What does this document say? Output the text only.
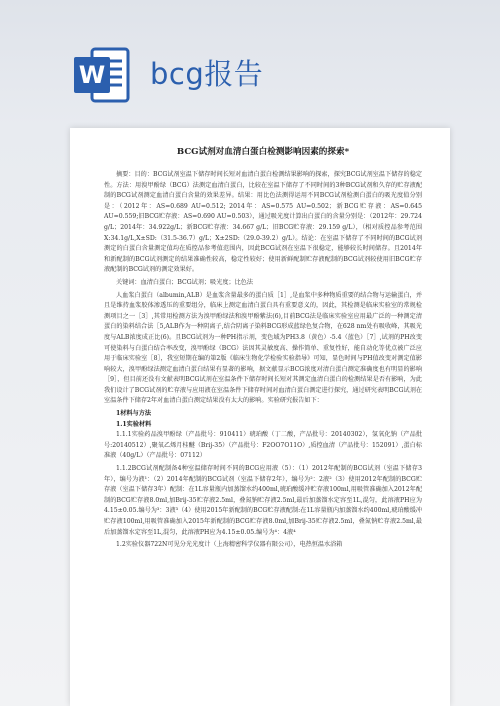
W bcg报告
BCG试剂对血清白蛋白检测影响因素的探索*

摘要：目的：BCG试剂室温下储存时间长短对血清白蛋白检测结果影响的探索，探究BCG试剂室温下储存的稳定性。方法：用溴甲酚绿（BCG）法测定血清白蛋白，比较在室温下储存了不同时间的3种BCG试剂和久存的贮存液配制的BCG试剂测定血清白蛋白含量的效果差异。结果：用比色法测得运用不同BCG试剂检测白蛋白的吸光度值分别是：（2012年：AS=0.689 AU=0.512; 2014年：AS=0.575 AU=0.502；新BCG贮存液：AS=0.645 AU=0.559;旧BCG贮存液：AS=0.690 AU=0.503），通过吸光度计算出白蛋白的含量分别是：（2012年：29.724 g/L；2014年：34.922g/L；新BCG贮存液：34.667 g/L；旧BCG贮存液：29.159 g/L），（相对质控品参考范围 X:34.1g/L,X±SD:（31.5-36.7）g/L；X±2SD:（29.0-39.2）g/L）。结论：在室温下储存了不同时间的BCG试剂测定的白蛋白含量测定值均在质控品参考值范围内，因此BCG试剂在室温下很稳定，能够较长时间储存。且2014年和新配制的BCG试剂测定的结果准确性较高，稳定性较好；使用新鲜配制贮存液配制的BCG试剂较使用旧BCG贮存液配制的BCG试剂的测定效果好。

关键词：血清白蛋白；BCG试剂；吸光度；比色法

人血浆白蛋白（albumin,ALB）是血浆含量最多的蛋白质［1］,是血浆中多种物质重要的结合物与运输蛋白，并且是维持血浆胶体渗透压的重要组分，临床上测定血清白蛋白具有重要意义的，因此，其检测是临床实验室的常规检测项目之一［3］,其常用检测方法为溴甲酚绿法和溴甲酚紫法(6),目前BCG法是临床实验室应用最广泛的一种测定清蛋白的染料结合法［5,ALB作为一种阴离子,结合阴离子染料BCG形成蓝绿色复合物，在628 nm处有吸收峰，其吸光度与ALB浓度成正比(6)。且BCG试剂为一种PH指示剂，变色域为PH3.8（黄色）-5.4（蓝色）［7］,试剂的PH改变可使染料与白蛋白结合率改变，溴甲酚绿（BCG）法因其灵敏度高、操作简单、重复性好，能自动化等优点被广泛应用于临床实验室［8］，我室短期在编的第2版《临床生物化学检验实验指导》可知，显色时间与PH值改变对测定值影响较大，溴甲酚绿法测定血清白蛋白结果有显著的影响，据文献显示BCG浓度对清白蛋白测定准确度也有明显的影响［9］，但目前还没有文献表明BCG试剂在室温条件下储存时间长短对其测定血清白蛋白的检测结果是否有影响，为此我们设计了BCG试剂的贮存液与应用液在室温条件下储存时间对血清白蛋白测定进行探究，通过研究表明BCG试剂在室温条件下储存2年对血清白蛋白测定结果没有太大的影响。实验研究报告如下：

1材料与方法

1.1实验材料

1.1.1实验药品溴甲酚绿（产品批号：910411）琥珀酸（丁二酸，产品批号：20140302），氢氧化钠（产品批号:20140512）,聚氧乙烯月桂醚（Brij-35）（产品批号：F2OO7O11O）,质控血清（产品批号：152091）,蛋白标准液（40g/L）（产品批号：07112）

1.1.2BCG试剂配制备4种室温储存时间不同的BCG应用液（5）：（1）2012年配制的BCG试剂（室温下储存3年），编号为液¹：（2）2014年配制的BCG试剂（室温下储存2年），编号为²：2液²（3）使用2012年配制的BCG贮存液（室温下储存3年）配制：在1L容量瓶内加蒸馏水约400ml,琥珀酸缓冲贮存液100ml,用吸管准确加入2012年配制的BCG贮存液8.0ml,加Brij-35贮存液2.5ml，叠氮钠贮存液2.5ml,最后加蒸馏水定容至1L,混匀，此溶液PH应为4.15±0.05.编号为³：3液³（4）使用2015年新配制的BCG贮存液配制:在1L容量瓶内加蒸馏水约400ml,琥珀酸缓冲贮存液100ml,用吸管准确加入2015年新配制的BCG贮存液8.0ml,加Brij-35贮存液2.5ml，叠氮钠贮存液2.5ml,最后加蒸馏水定容至1L,混匀，此溶液PH应为4.15±0.05.编号为⁴：4液⁴

1.2实验仪器722N可见分光光度计（上海精密科学仪器有限公司），电热恒温水浴箱
